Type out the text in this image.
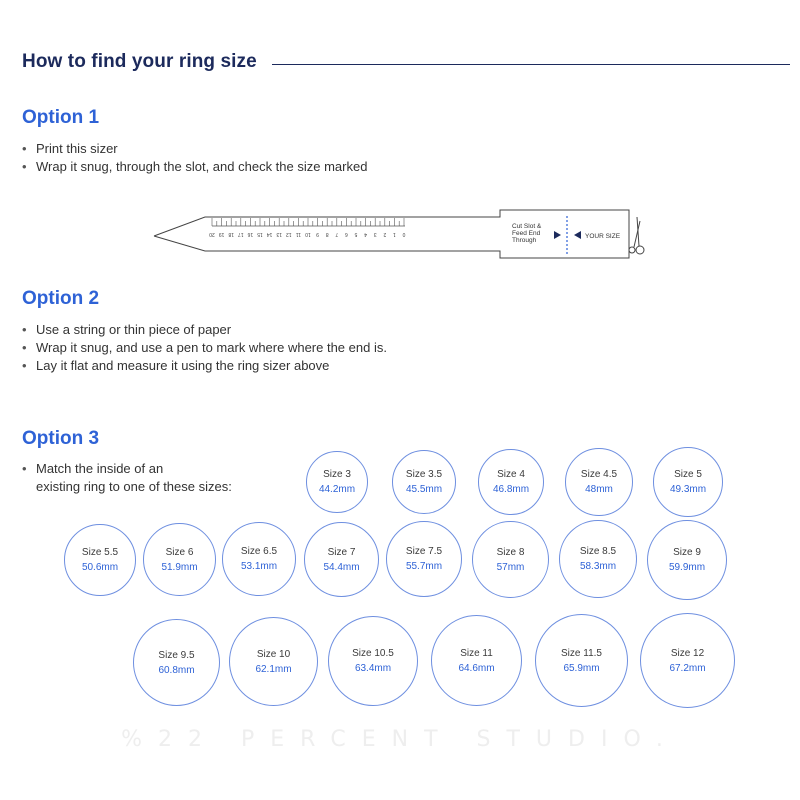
How to find your ring size
Option 1
• Print this sizer
• Wrap it snug, through the slot, and check the size marked
20 19 18 17 16 15 14 13 12 11 10 9 8 7 6 5 4 3 2 1 0
Cut Slot &
Feed End
Through
YOUR SIZE
Option 2
• Use a string or thin piece of paper
• Wrap it snug, and use a pen to mark where where the end is.
• Lay it flat and measure it using the ring sizer above
Option 3
• Match the inside of an
existing ring to one of these sizes:
Size 3
44.2mm
Size 3.5
45.5mm
Size 4
46.8mm
Size 4.5
48mm
Size 5
49.3mm
Size 5.5
50.6mm
Size 6
51.9mm
Size 6.5
53.1mm
Size 7
54.4mm
Size 7.5
55.7mm
Size 8
57mm
Size 8.5
58.3mm
Size 9
59.9mm
Size 9.5
60.8mm
Size 10
62.1mm
Size 10.5
63.4mm
Size 11
64.6mm
Size 11.5
65.9mm
Size 12
67.2mm
%22 PERCENT STUDIO.
